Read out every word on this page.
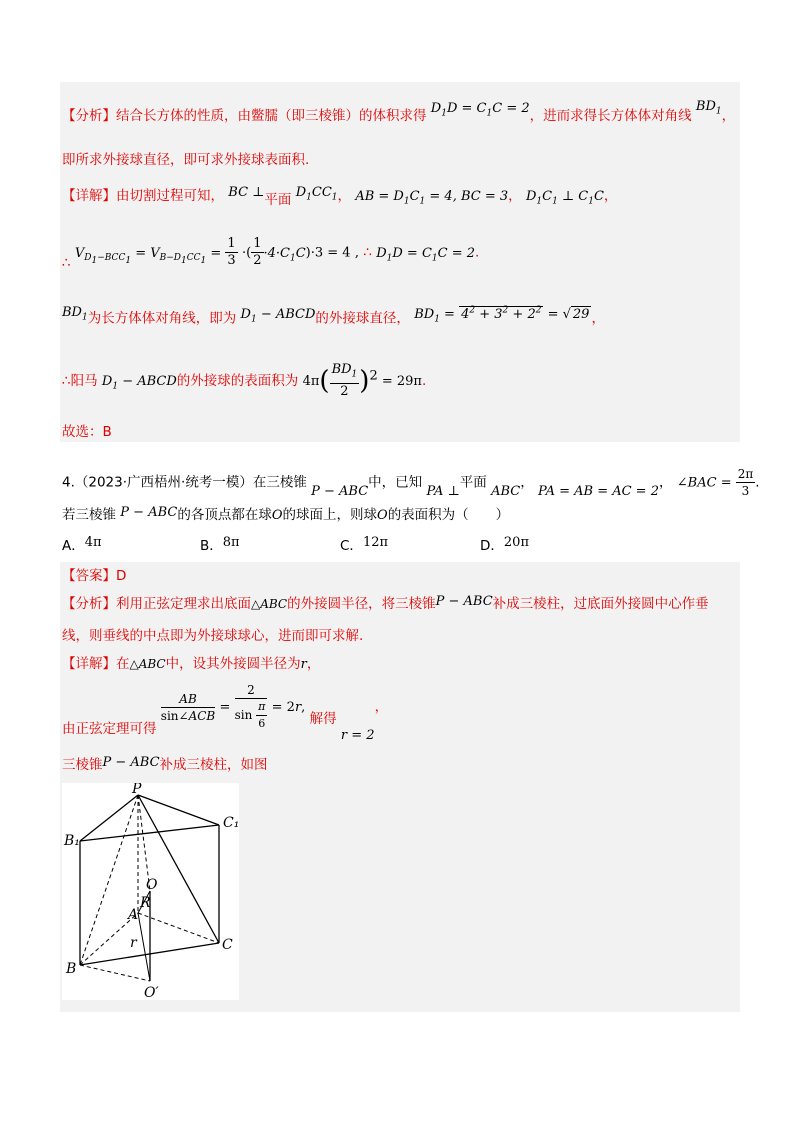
【分析】结合长方体的性质，由鳖臑（即三棱锥）的体积求得 $D_1D = C_1C = 2$，进而求得长方体体对角线 $BD_1$，
即所求外接球直径，即可求外接球表面积.
【详解】由切割过程可知， BC ⊥平面 $D_1CC_1$， AB = $D_1C_1 = 4$, BC = 3， $D_1C_1$ ⊥ $C_1C$，
∴ $V_{D_1-BCC_1} = V_{B-D_1CC_1} = \frac{1}{3}$ ·( $\frac{1}{2} \cdot 4\cdot C_1C)\cdot 3 = 4$ , ∴ $D_1D = C_1C = 2$.
$BD_1$为长方体体对角线，即为 $D_1$ − ABCD的外接球直径， $BD_1 = 4^2 + 3^2 + 2^2$ = √ 29 ，
∴阳马 $D_1$ − ABCD的外接球的表面积为 $4\pi( \frac{BD_1}{2} )^2 = 29\pi$.
故选：B
4.（2023·广西梧州·统考一模）在三棱锥 P − ABC中，已知 PA ⊥平面 ABC， PA = AB = AC = 2， ∠BAC = $\frac{2\pi}{3}$ .
若三棱锥 P − ABC的各顶点都在球O的球面上，则球O的表面积为（　　）
A．4π	B．8π	C．12π	D．20π
【答案】D
【分析】利用正弦定理求出底面△ABC的外接圆半径，将三棱锥P − ABC补成三棱柱，过底面外接圆中心作垂
线，则垂线的中点即为外接球球心，进而即可求解.
【详解】在△ABC中，设其外接圆半径为r，
由正弦定理可得
$\frac{AB}{\text{sin∠ACB}} = \frac{2}{\sin \frac{\pi}{6}} = 2r$, 解得 r = 2，
三棱锥P − ABC补成三棱柱，如图
P
C₁
B₁
O
R
A
r	C
B
O′
